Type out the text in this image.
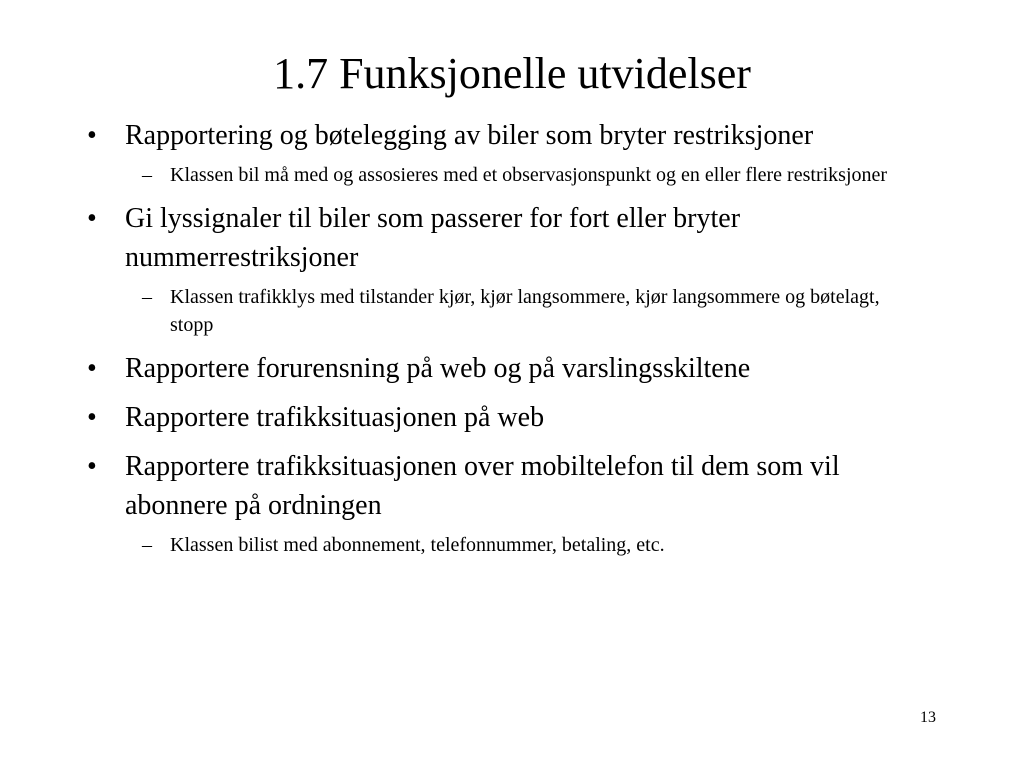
1.7 Funksjonelle utvidelser
• Rapportering og bøtelegging av biler som bryter restriksjoner
– Klassen bil må med og assosieres med et observasjonspunkt og en eller flere restriksjoner
• Gi lyssignaler til biler som passerer for fort eller bryter nummerrestriksjoner
– Klassen trafikklys med tilstander kjør, kjør langsommere, kjør langsommere og bøtelagt, stopp
• Rapportere forurensning på web og på varslingsskiltene
• Rapportere trafikksituasjonen på web
• Rapportere trafikksituasjonen over mobiltelefon til dem som vil abonnere på ordningen
– Klassen bilist med abonnement, telefonnummer, betaling, etc.
13
